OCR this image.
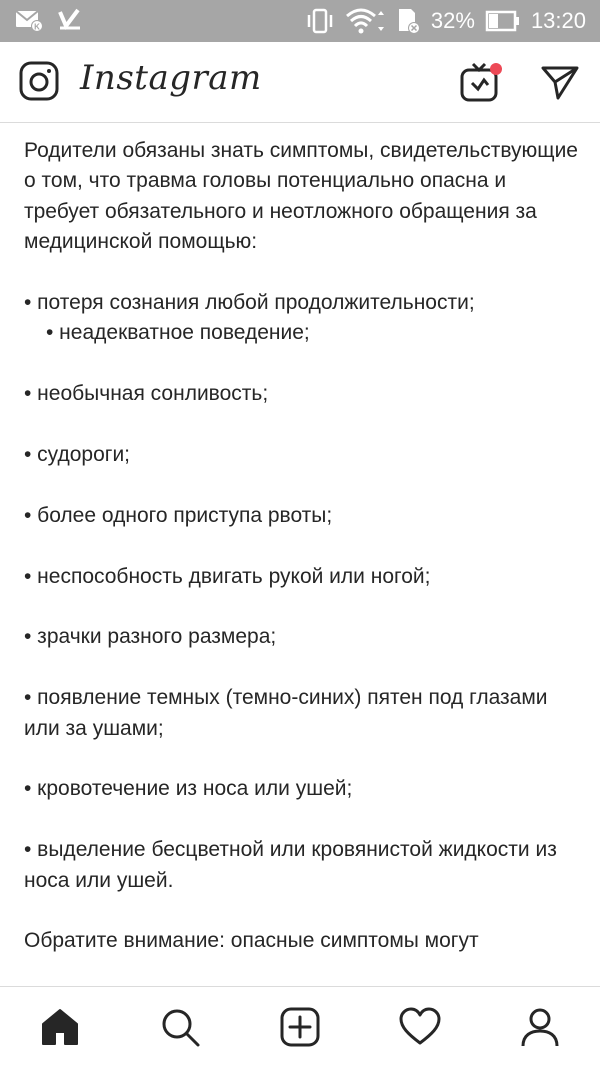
K	32%	13:20
Instagram

Родители обязаны знать симптомы, свидетельствующие о том, что травма головы потенциально опасна и требует обязательного и неотложного обращения за медицинской помощью:

• потеря сознания любой продолжительности;

• неадекватное поведение;

• необычная сонливость;

• судороги;

• более одного приступа рвоты;

• неспособность двигать рукой или ногой;

• зрачки разного размера;

• появление темных (темно-синих) пятен под глазами или за ушами;

• кровотечение из носа или ушей;

• выделение бесцветной или кровянистой жидкости из носа или ушей.

Обратите внимание: опасные симптомы могут
